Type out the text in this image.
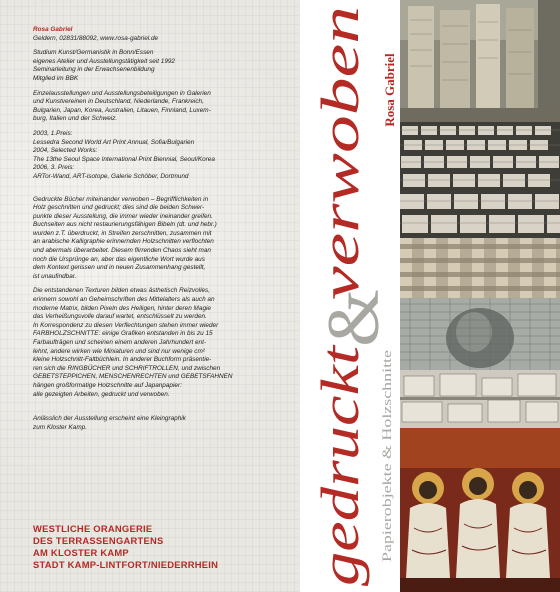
Rosa Gabriel
Geldern, 02831/88092, www.rosa-gabriel.de

Studium Kunst/Germanistik in Bonn/Essen
eigenes Atelier und Ausstellungstätigkeit seit 1992
Seminarleitung in der Erwachsenenbildung
Mitglied im BBK

Einzelausstellungen und Ausstellungsbeteiligungen in Galerien
und Kunstvereinen in Deutschland, Niederlande, Frankreich,
Bulgarien, Japan, Korea, Australien, Litauen, Finnland, Luxem-
burg, Italien und der Schweiz.

2003, 1.Preis:
Lessedra Second World Art Print Annual, Sofia/Bulgarien
2004, Selected Works:
The 13the Seoul Space International Print Biennial, Seoul/Korea
2006, 3. Preis:
ARTor-Wand, ART-isotope, Galerie Schöber, Dortmund

Gedruckte Bücher miteinander verwoben – Begrifflichkeiten in
Holz geschnitten und gedruckt; dies sind die beiden Schwer-
punkte dieser Ausstellung, die immer wieder ineinander greifen.
Buchseiten aus nicht restaurierungsfähigen Bibeln (dt. und hebr.)
wurden z.T. überdruckt, in Streifen zerschnitten, zusammen mit
an arabische Kalligraphie erinnernden Holzschnitten verflochten
und abermals überarbeitet. Diesem flirrenden Chaos sieht man
noch die Ursprünge an, aber das eigentliche Wort wurde aus
dem Kontext gerissen und in neuen Zusammenhang gestellt,
ist unaufindbar.

Die entstandenen Texturen bilden etwas ästhetisch Reizvolles,
erinnern sowohl an Geheimschriften des Mittelalters als auch an
moderne Matrix, bilden Pixeln des Heiligen, hinter deren Magie
das Verheißungsvolle darauf wartet, entschlüsselt zu werden.
In Korrespondenz zu diesen Verflechtungen stehen immer wieder
FARBHOLZSCHNITTE: einige Grafiken entstanden in bis zu 15
Farbaufträgen und scheinen einem anderen Jahrhundert ent-
lehnt, andere wirken wie Miniaturen und sind nur wenige cm²
kleine Holzschnitt-Faltbüchlein. In anderer Buchform präsentie-
ren sich die RINGBÜCHER und SCHRIFTROLLEN, und zwischen
GEBETSTEPPICHEN, MENSCHENRECHTEN und GEBETSFAHNEN
hängen großformatige Holzschnitte auf Japanpapier:
alle gezeigten Arbeiten, gedruckt und verwoben.

Anlässlich der Ausstellung erscheint eine Kleingraphik
zum Kloster Kamp.

WESTLICHE ORANGERIE
DES TERRASSENGARTENS
AM KLOSTER KAMP
STADT KAMP-LINTFORT/NIEDERRHEIN
&
gedruckt
verwoben
Rosa Gabriel
Papierobjekte & Holzschnitte
